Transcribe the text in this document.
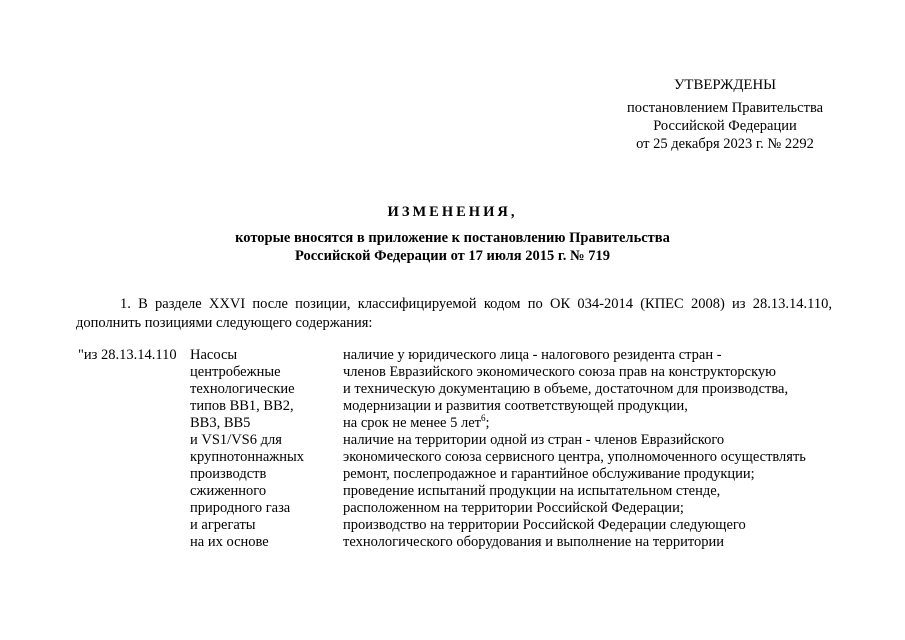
УТВЕРЖДЕНЫ
постановлением Правительства
Российской Федерации
от 25 декабря 2023 г. № 2292
ИЗМЕНЕНИЯ,
которые вносятся в приложение к постановлению Правительства
Российской Федерации от 17 июля 2015 г. № 719

1. В разделе XXVI после позиции, классифицируемой кодом по ОК 034-2014 (КПЕС 2008) из 28.13.14.110, дополнить позициями следующего содержания:

"из 28.13.14.110 Насосы
центробежные
технологические
типов ВВ1, ВВ2,
ВВ3, ВВ5
и VS1/VS6 для
крупнотоннажных
производств
сжиженного
природного газа
и агрегаты
на их основе
наличие у юридического лица - налогового резидента стран -
членов Евразийского экономического союза прав на конструкторскую
и техническую документацию в объеме, достаточном для производства,
модернизации и развития соответствующей продукции,
на срок не менее 5 лет$^6$;
наличие на территории одной из стран - членов Евразийского
экономического союза сервисного центра, уполномоченного осуществлять
ремонт, послепродажное и гарантийное обслуживание продукции;
проведение испытаний продукции на испытательном стенде,
расположенном на территории Российской Федерации;
производство на территории Российской Федерации следующего
технологического оборудования и выполнение на территории
